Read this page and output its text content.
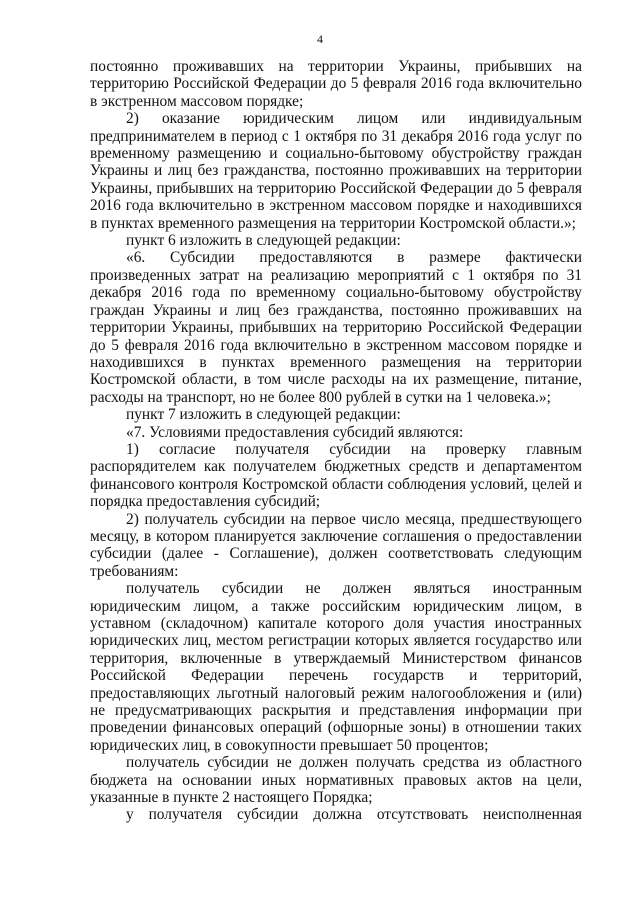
4

постоянно проживавших на территории Украины, прибывших на территорию Российской Федерации до 5 февраля 2016 года включительно в экстренном массовом порядке;

2) оказание юридическим лицом или индивидуальным предпринимателем в период с 1 октября по 31 декабря 2016 года услуг по временному размещению и социально-бытовому обустройству граждан Украины и лиц без гражданства, постоянно проживавших на территории Украины, прибывших на территорию Российской Федерации до 5 февраля 2016 года включительно в экстренном массовом порядке и находившихся в пунктах временного размещения на территории Костромской области.»;

пункт 6 изложить в следующей редакции:

«6. Субсидии предоставляются в размере фактически произведенных затрат на реализацию мероприятий с 1 октября по 31 декабря 2016 года по временному социально-бытовому обустройству граждан Украины и лиц без гражданства, постоянно проживавших на территории Украины, прибывших на территорию Российской Федерации до 5 февраля 2016 года включительно в экстренном массовом порядке и находившихся в пунктах временного размещения на территории Костромской области, в том числе расходы на их размещение, питание, расходы на транспорт, но не более 800 рублей в сутки на 1 человека.»;

пункт 7 изложить в следующей редакции:

«7. Условиями предоставления субсидий являются:

1) согласие получателя субсидии на проверку главным распорядителем как получателем бюджетных средств и департаментом финансового контроля Костромской области соблюдения условий, целей и порядка предоставления субсидий;

2) получатель субсидии на первое число месяца, предшествующего месяцу, в котором планируется заключение соглашения о предоставлении субсидии (далее - Соглашение), должен соответствовать следующим требованиям:

получатель субсидии не должен являться иностранным юридическим лицом, а также российским юридическим лицом, в уставном (складочном) капитале которого доля участия иностранных юридических лиц, местом регистрации которых является государство или территория, включенные в утверждаемый Министерством финансов Российской Федерации перечень государств и территорий, предоставляющих льготный налоговый режим налогообложения и (или) не предусматривающих раскрытия и представления информации при проведении финансовых операций (офшорные зоны) в отношении таких юридических лиц, в совокупности превышает 50 процентов;

получатель субсидии не должен получать средства из областного бюджета на основании иных нормативных правовых актов на цели, указанные в пункте 2 настоящего Порядка;

у получателя субсидии должна отсутствовать неисполненная
